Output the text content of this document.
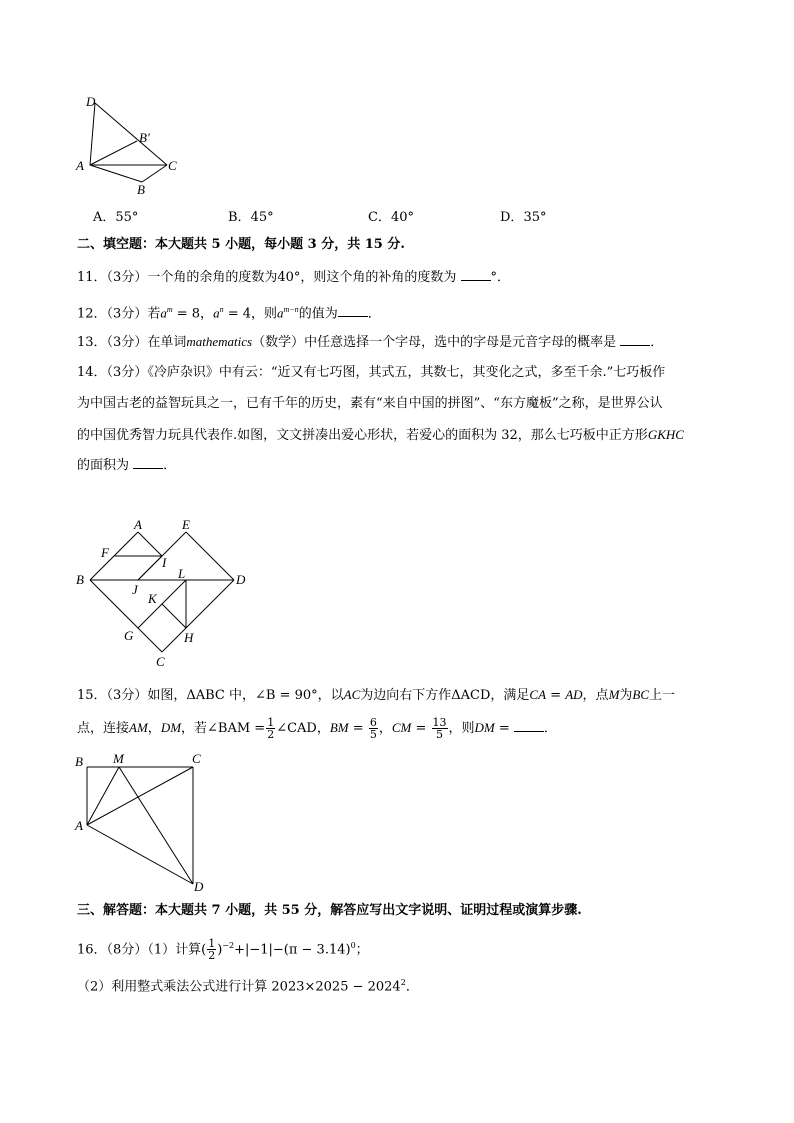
D
B′
A	C
B
A．55°	B．45°	C．40°	D．35°
二、填空题：本大题共 5 小题，每小题 3 分，共 15 分.
11．（3分）一个角的余角的度数为40°，则这个角的补角的度数为	°．
12．（3分）若$a^m = 8$，$a^n = 4$，则$a^{m-n}$的值为 ．
13．（3分）在单词mathematics（数学）中任意选择一个字母，选中的字母是元音字母的概率是	．
14．（3分）《冷庐杂识》中有云：“近又有七巧图，其式五，其数七，其变化之式，多至千余.”七巧板作
为中国古老的益智玩具之一，已有千年的历史，素有“来自中国的拼图”、“东方魔板”之称，是世界公认
的中国优秀智力玩具代表作.如图，文文拼凑出爱心形状，若爱心的面积为 32，那么七巧板中正方形GKHC
的面积为	．
A	E
F
I
B	D
L
J
K
G	H
C
15．（3分）如图，ΔABC 中，∠B = 90°，以AC为边向右下方作ΔACD，满足CA = AD，点M为BC上一
点，连接AM，DM，若∠BAM = $\frac{1}{2}$ ∠CAD，BM = $\frac{6}{5}$ ，CM = $\frac{13}{5}$ ，则DM = ．
B M	C
A
D
三、解答题：本大题共 7 小题，共 55 分，解答应写出文字说明、证明过程或演算步骤.
16．（8分）（1）计算( $\frac{1}{2} )^{-2}+|-1|-(\pi - 3.14)^0$；
（2）利用整式乘法公式进行计算 $2023\times 2025 - 2024^2$．
